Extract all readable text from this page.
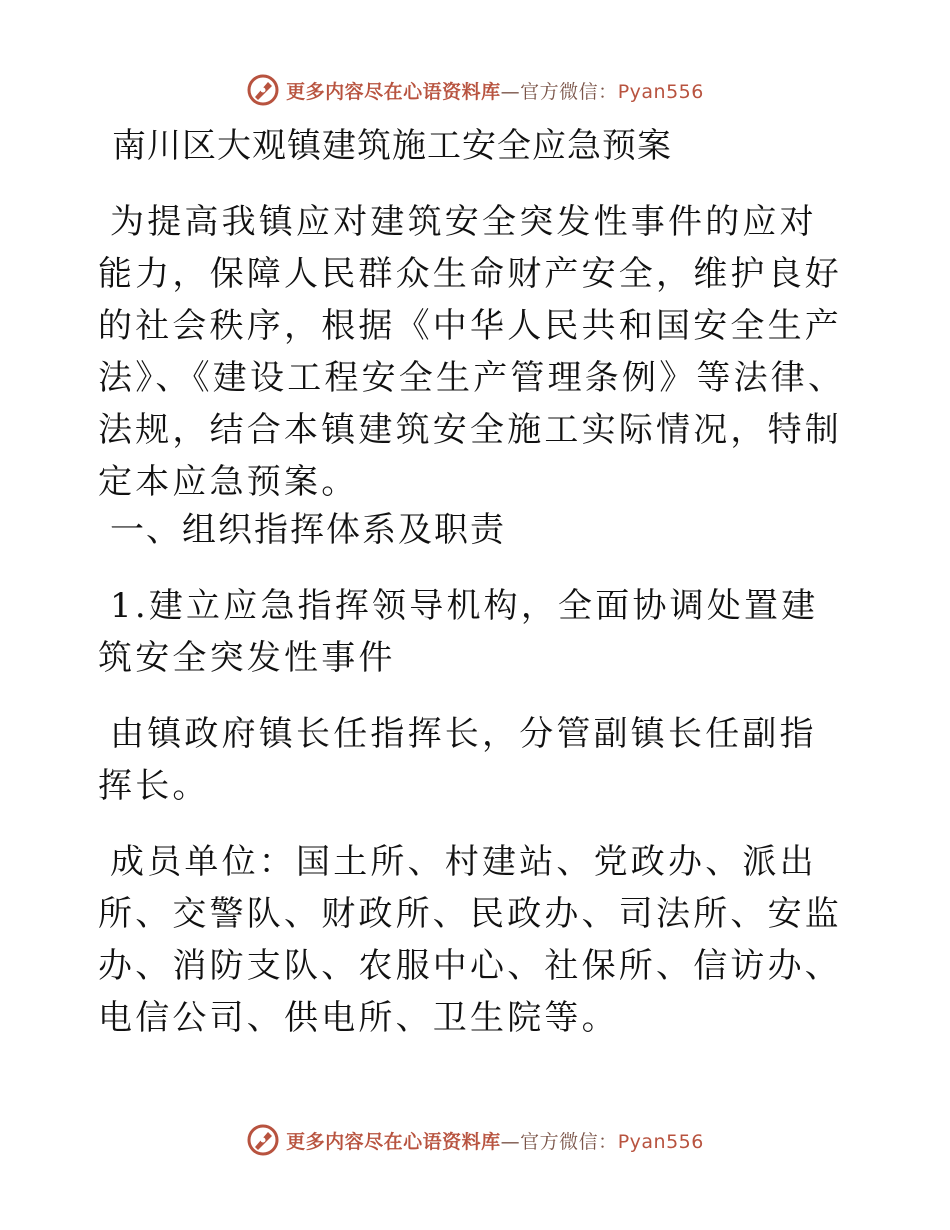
更多内容尽在心语资料库—官方微信：Pyan556
南川区大观镇建筑施工安全应急预案

为提高我镇应对建筑安全突发性事件的应对能力，保障人民群众生命财产安全，维护良好的社会秩序，根据《中华人民共和国安全生产法》、《建设工程安全生产管理条例》等法律、法规，结合本镇建筑安全施工实际情况，特制定本应急预案。

一、组织指挥体系及职责

1.建立应急指挥领导机构，全面协调处置建筑安全突发性事件

由镇政府镇长任指挥长，分管副镇长任副指挥长。

成员单位：国土所、村建站、党政办、派出所、交警队、财政所、民政办、司法所、安监办、消防支队、农服中心、社保所、信访办、电信公司、供电所、卫生院等。

更多内容尽在心语资料库—官方微信：Pyan556
